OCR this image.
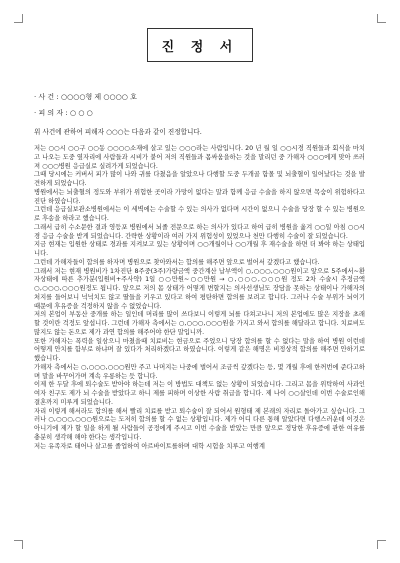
진 정 서
· 사 건 : ○○○○형 제 ○○○○ 호
· 피 의 자 : ○ ○ ○
위 사건에 관하여 피해자 ○○○는 다음과 같이 진정합니다.

저는 ○○시 ○○구 ○○동 ○○○○소재에 살고 있는 ○○○라는 사람입니다. 20 년 월 일 ○○시경 직원들과 회식을 마치고 나오는 도중 옆자리에 사람들과 시비가 붙어 저의 직원들과 몸싸움을하는 것을 말리던 중 가해자 ○○○에게 맞아 쓰러져 ○○○병원 응급실로 실려가게 되었습니다.

그때 당시에는 커버서 피가 많이 나와 귀를 다쳤음을 알았으나 다행할 도중 두개골 함몰 및 뇌출혈이 일어났다는 것을 발견하게 되었습니다.

병원에서는 뇌출혈의 정도와 부위가 위험한 곳이라 가망이 없다는 말과 함께 응급 수술을 하지 않으면 목숨이 위험하다고 진단 하였습니다.

그런데 응급실보관소병원에서는 이 세벽에는 수술할 수 있는 의사가 없다며 시간이 없으니 수술을 당장 할 수 있는 병원으로 후송을 하라고 했습니다.

그래서 급히 수소문한 결과 영등포 병원에서 뇌졸 전문으로 하는 의사가 있다고 하여 급히 병원을 옮겨 ○○일 아침 ○○시경 응급 수술을 받게 되었습니다. 간략한 상황이라 여러 가지 위험성이 있었으나 천만 다행히 수술이 잘 되었습니다.

지금 현재는 입원한 상태로 경과를 지켜보고 있는 상황이며 ○○개월이나 ○○개월 후 재수술을 하면 더 봐야 하는 상태입니다.

그런데 가해자들이 합의를 하자며 병원으로 찾아와서는 합의를 해주면 앞으로 벌어서 갚겠다고 했습니다.

그래서 저는 현재 병원비가 1차진단 8주중(3주)가량금액 중간계산 납부액이 ○,○○○,○○○원이고 앞으로 5주에서~환자상태에 따른 추가분(입원비+주사약) 1일 ○○만원~○○만원 → ○,○○○,○○○원 정도 2차 수술시 추정금액 ○,○○○,○○○원정도 됩니다. 앞으로 저의 몸 상태가 어떻게 변할지는 의사선생님도 장담을 못하는 상태이나 가해자의 처지를 들어보니 넉넉치도 않고 딸들을 키우고 있다고 하여 평탄하면 합의를 보려고 합니다. 그러나 수술 부위가 뇌이기 때문에 후유증을 걱정하지 않을 수 없었습니다.

저의 본업이 부동산 중개를 하는 일인데 머리를 많이 쓰다보니 이렇게 뇌를 다쳐고나니 저의 본업에도 많은 지장을 초래 할 것이란 걱정도 앞섭니다. 그런데 가해자 측에서는 ○,○○○,○○○원을 가지고 와서 합의를 해달라고 합니다. 치료비도 많지도 않는 돈으로 제가 과연 합의를 해주어야 한단 말입니까.

또한 가해자는 폭력을 일삼으니 마쳤을때 치료비는 현금으로 주었으니 당장 합의를 할 수 없다는 말을 하여 병원 이런데 어떻게 안치를 함부로 하냐며 잘 있다가 처리하겠다고 하였습니다. 이렇게 같은 해명은 비정상적 합의를 해주면 안하기로 했습니다.

가해자 측에서는 ○,○○○,○○○원만 주고 나머지는 나중에 벌어서 조금씩 갚겠다는 등, 몇 개월 후에 한꺼번에 준다고하며 말을 바꾸어가며 계속 우롱하는 듯 합니다.

이제 한 두달 후에 퇴수술도 받아야 하는데 저는 이 방법도 대책도 없는 상황이 되었습니다. 그리고 몸을 위탁하여 사과인 여자 친구도 제가 뇌 수술을 받았다고 하니 제를 피하며 이상한 사람 취급을 합니다. 제 나이 ○○살인데 이번 수술로인해 결혼까지 미루게 되었습니다.

자리 이렇게 해서라도 합의를 해서 빨리 치료를 받고 퇴수술이 잘 되어서 원형태 제 본래의 자리로 돌아가고 싶습니다. 그러나 ○,○○○,○○○원으로는 도저히 합의를 할 수 없는 상황입니다. 제가 어디 다른 통해 알았다면 다행스러운데 이것은 아니기에 제가 할 일을 하게 될 사람들이 공정에게 주시고 이번 수술을 받았는 만큼 앞으로 정당한 후유증에 관한 여유를 충분히 생각해 해야 한다는 생각입니다.

저는 유족자로 태어나 살고를 졸업하여 아르바이트를하며 대학 시험을 치루고 여행계
